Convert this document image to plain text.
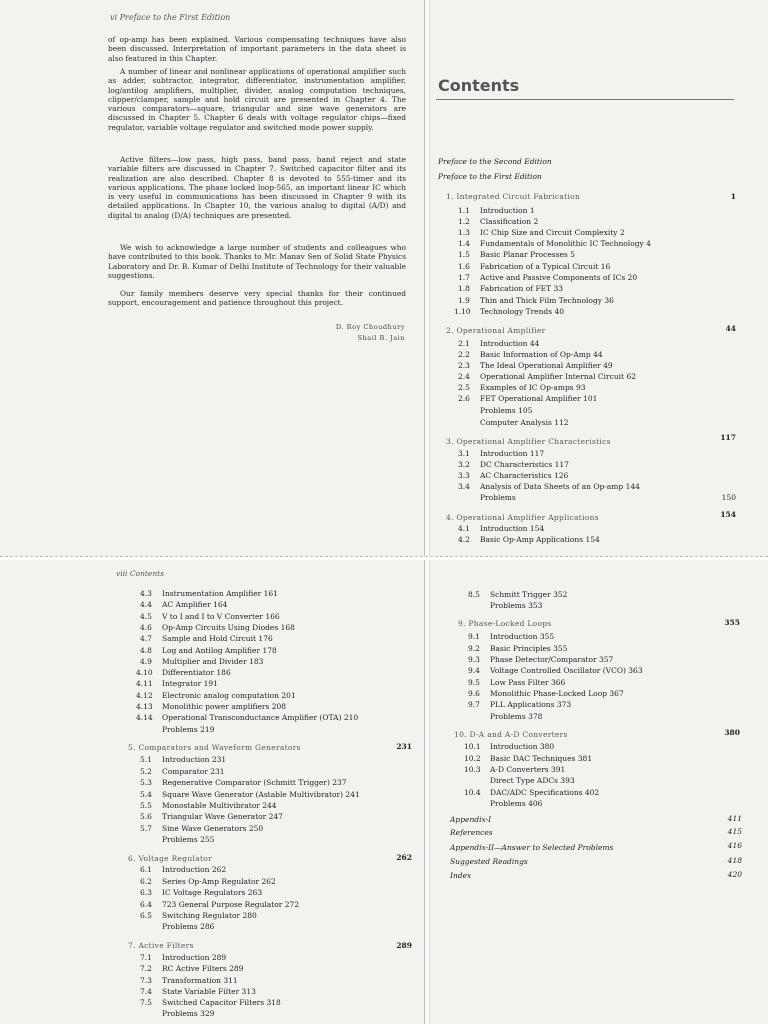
vi Preface to the First Edition

of op-amp has been explained. Various compensating techniques have also been discussed. Interpretation of important parameters in the data sheet is also featured in this Chapter.

A number of linear and nonlinear applications of operational amplifier such as adder, subtractor, integrator, differentiator, instrumentation amplifier, log/antilog amplifiers, multiplier, divider, analog computation techniques, clipper/clamper, sample and hold circuit are presented in Chapter 4. The various comparators—square, triangular and sine wave generators are discussed in Chapter 5. Chapter 6 deals with voltage regulator chips—fixed regulator, variable voltage regulator and switched mode power supply.

Active filters—low pass, high pass, band pass, band reject and state variable filters are discussed in Chapter 7. Switched capacitor filter and its realization are also described. Chapter 8 is devoted to 555-timer and its various applications. The phase locked loop-565, an important linear IC which is very useful in communications has been discussed in Chapter 9 with its detailed applications. In Chapter 10, the various analog to digital (A/D) and digital to analog (D/A) techniques are presented.

We wish to acknowledge a large number of students and colleagues who have contributed to this book. Thanks to Mr. Manav Sen of Solid State Physics Laboratory and Dr. B. Kumar of Delhi Institute of Technology for their valuable suggestions.

Our family members deserve very special thanks for their continued support, encouragement and patience throughout this project.

D. Roy Choudhury
Shail B. Jain
Contents
Preface to the Second Edition
Preface to the First Edition
1. Integrated Circuit Fabrication	1
1.1 Introduction 1
1.2 Classification 2
1.3 IC Chip Size and Circuit Complexity 2
1.4 Fundamentals of Monolithic IC Technology 4
1.5 Basic Planar Processes 5
1.6 Fabrication of a Typical Circuit 16
1.7 Active and Passive Components of ICs 20
1.8 Fabrication of FET 33
1.9 Thin and Thick Film Technology 36
1.10 Technology Trends 40
2. Operational Amplifier	44
2.1 Introduction 44
2.2 Basic Information of Op-Amp 44
2.3 The Ideal Operational Amplifier 49
2.4 Operational Amplifier Internal Circuit 62
2.5 Examples of IC Op-amps 93
2.6 FET Operational Amplifier 101
Problems 105
Computer Analysis 112
3. Operational Amplifier Characteristics	117
3.1 Introduction 117
3.2 DC Characteristics 117
3.3 AC Characteristics 126
3.4 Analysis of Data Sheets of an Op-amp 144
Problems	150
4. Operational Amplifier Applications	154
4.1 Introduction 154
4.2 Basic Op-Amp Applications 154
viii Contents
4.3 Instrumentation Amplifier 161
4.4 AC Amplifier 164
4.5 V to I and I to V Converter 166
4.6 Op-Amp Circuits Using Diodes 168
4.7 Sample and Hold Circuit 176
4.8 Log and Antilog Amplifier 178
4.9 Multiplier and Divider 183
4.10 Differentiator 186
4.11 Integrator 191
4.12 Electronic analog computation 201
4.13 Monolithic power amplifiers 208
4.14 Operational Transconductance Amplifier (OTA) 210
Problems 219
5. Comparators and Waveform Generators	231
5.1 Introduction 231
5.2 Comparator 231
5.3 Regenerative Comparator (Schmitt Trigger) 237
5.4 Square Wave Generator (Astable Multivibrator) 241
5.5 Monostable Multivibrator 244
5.6 Triangular Wave Generator 247
5.7 Sine Wave Generators 250
Problems 255
6. Voltage Regulator	262
6.1 Introduction 262
6.2 Series Op-Amp Regulator 262
6.3 IC Voltage Regulators 263
6.4 723 General Purpose Regulator 272
6.5 Switching Regulator 280
Problems 286
7. Active Filters	289
7.1 Introduction 289
7.2 RC Active Filters 289
7.3 Transformation 311
7.4 State Variable Filter 313
7.5 Switched Capacitor Filters 318
Problems 329
8.5 Schmitt Trigger 352
Problems 353
9. Phase-Locked Loops	355
9.1 Introduction 355
9.2 Basic Principles 355
9.3 Phase Detector/Comparator 357
9.4 Voltage Controlled Oscillator (VCO) 363
9.5 Low Pass Filter 366
9.6 Monolithic Phase-Locked Loop 367
9.7 PLL Applications 373
Problems 378
10. D-A and A-D Converters	380
10.1 Introduction 380
10.2 Basic DAC Techniques 381
10.3 A-D Converters 391
Direct Type ADCs 393
10.4 DAC/ADC Specifications 402
Problems 406
Appendix-I	411
References	415
Appendix-II—Answer to Selected Problems	416
Suggested Readings	418
Index	420
